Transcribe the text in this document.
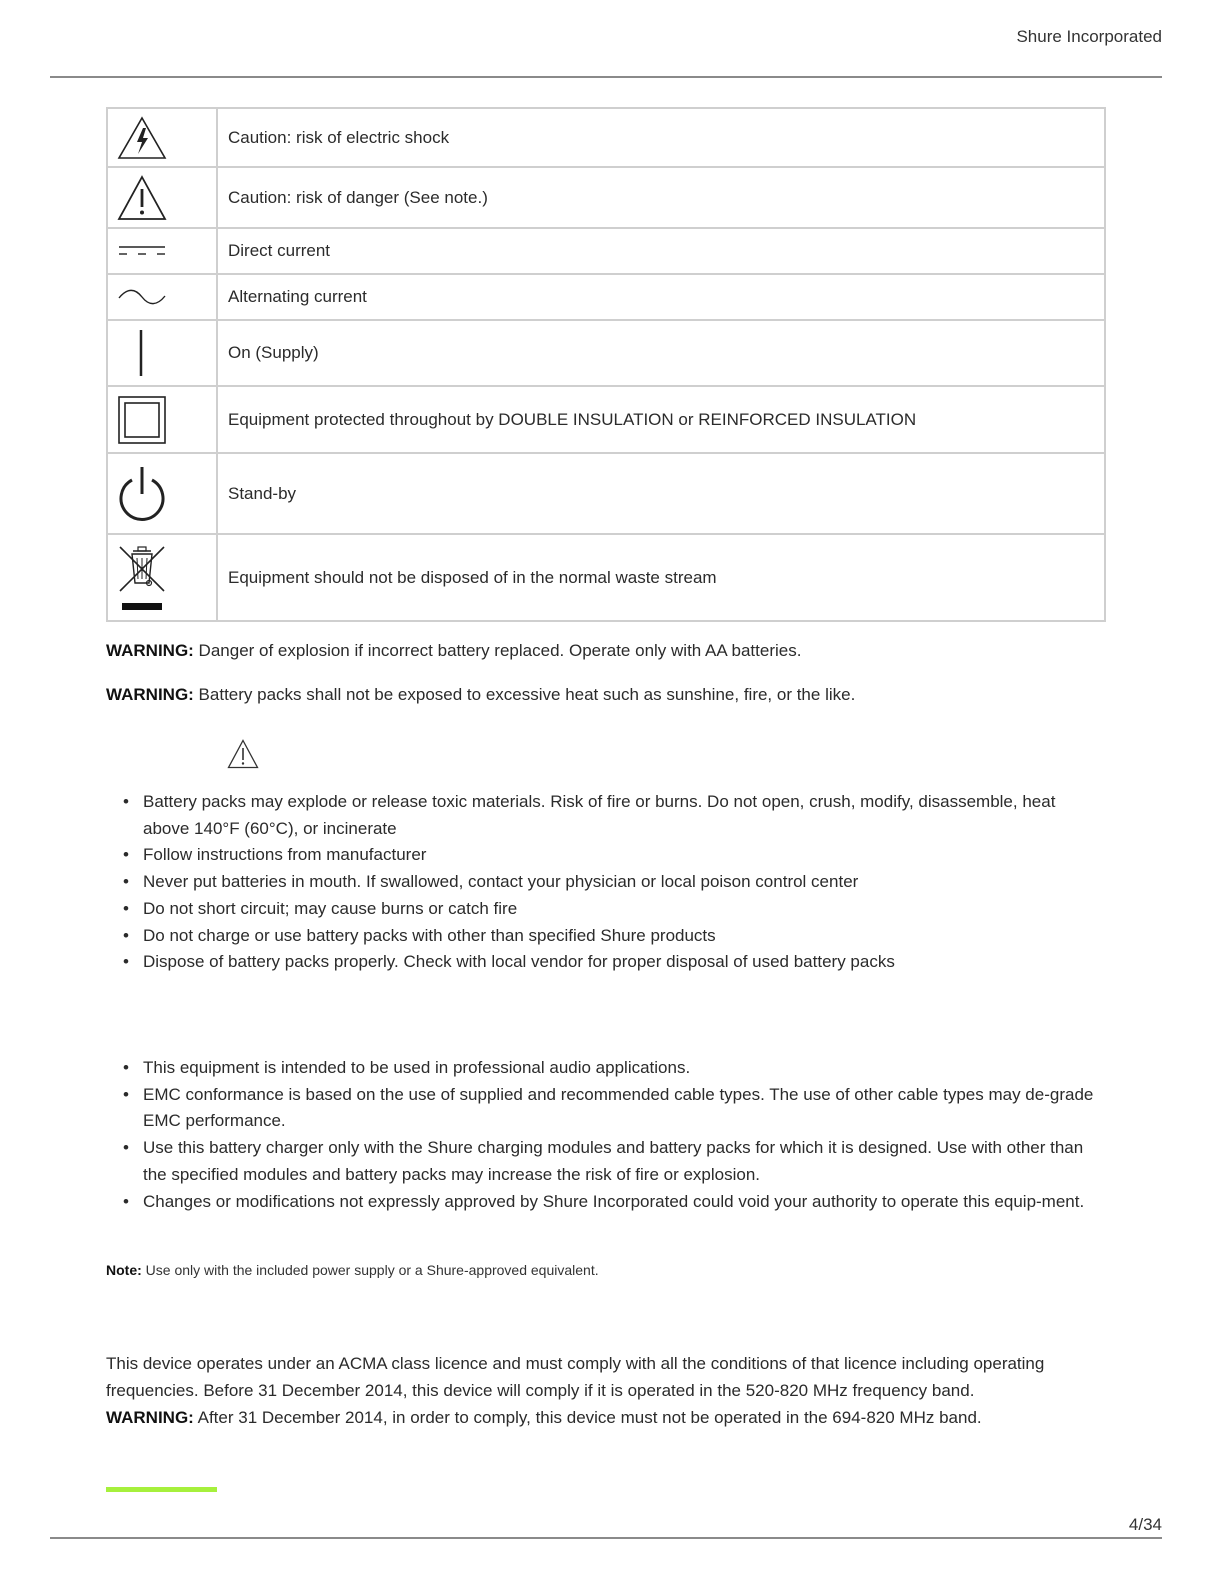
Shure Incorporated
	Caution: risk of electric shock

	Caution: risk of danger (See note.)

	Direct current

	Alternating current

	On (Supply)

	Equipment protected throughout by DOUBLE INSULATION or REINFORCED INSULATION

	Stand-by

	Equipment should not be disposed of in the normal waste stream
WARNING: Danger of explosion if incorrect battery replaced. Operate only with AA batteries.
WARNING: Battery packs shall not be exposed to excessive heat such as sunshine, fire, or the like.
• Battery packs may explode or release toxic materials. Risk of fire or burns. Do not open, crush, modify, disassemble, heat above 140°F (60°C), or incinerate
• Follow instructions from manufacturer
• Never put batteries in mouth. If swallowed, contact your physician or local poison control center
• Do not short circuit; may cause burns or catch fire
• Do not charge or use battery packs with other than specified Shure products
• Dispose of battery packs properly. Check with local vendor for proper disposal of used battery packs
• This equipment is intended to be used in professional audio applications.
• EMC conformance is based on the use of supplied and recommended cable types. The use of other cable types may de-grade EMC performance.
• Use this battery charger only with the Shure charging modules and battery packs for which it is designed. Use with other than the specified modules and battery packs may increase the risk of fire or explosion.
• Changes or modifications not expressly approved by Shure Incorporated could void your authority to operate this equip-ment.
Note: Use only with the included power supply or a Shure-approved equivalent.
This device operates under an ACMA class licence and must comply with all the conditions of that licence including operating frequencies. Before 31 December 2014, this device will comply if it is operated in the 520-820 MHz frequency band.
WARNING: After 31 December 2014, in order to comply, this device must not be operated in the 694-820 MHz band.
4/34
